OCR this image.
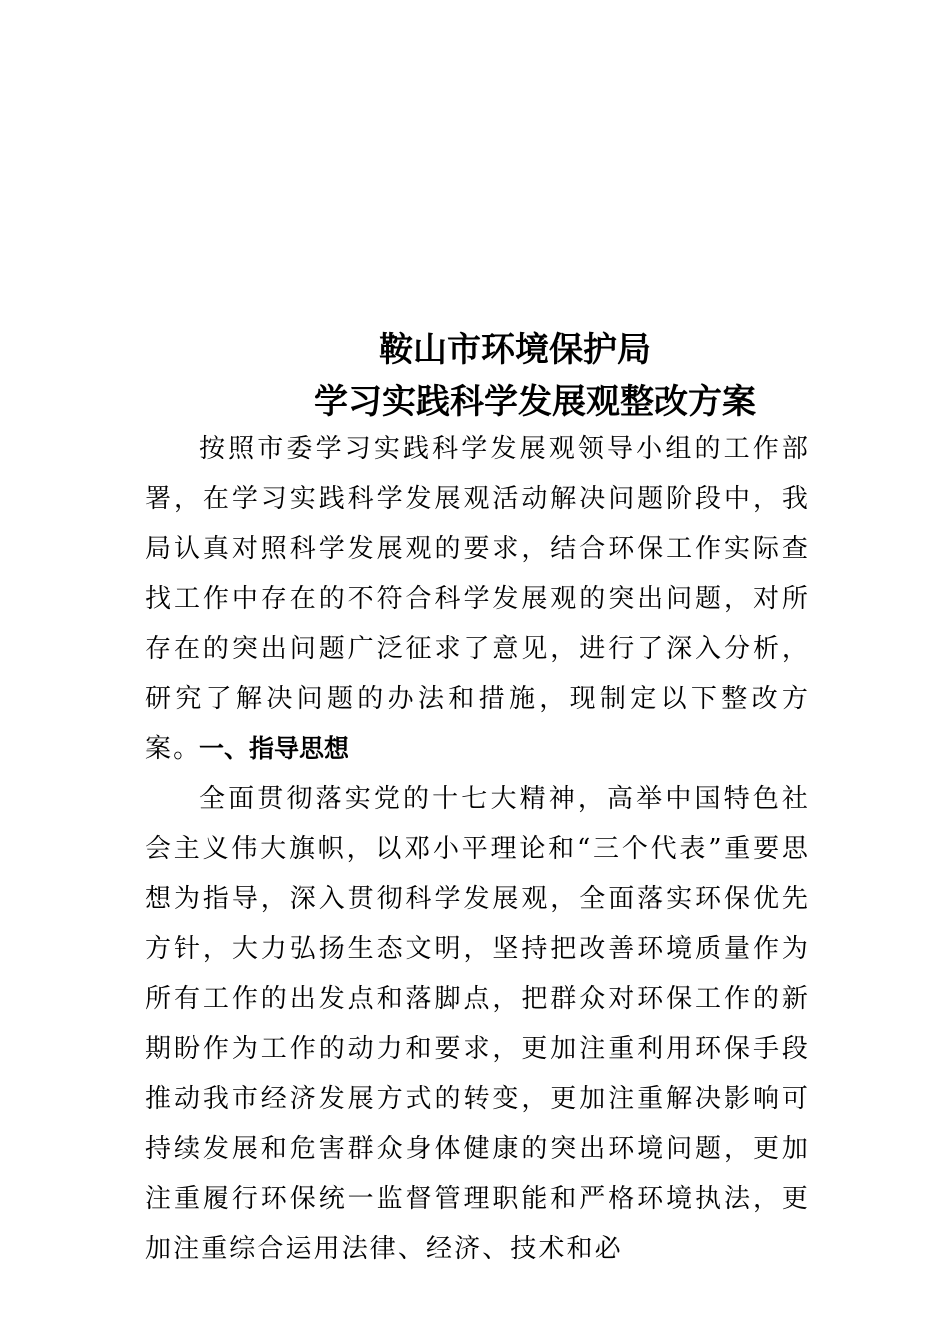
鞍山市环境保护局
学习实践科学发展观整改方案

按照市委学习实践科学发展观领导小组的工作部署，在学习实践科学发展观活动解决问题阶段中，我局认真对照科学发展观的要求，结合环保工作实际查找工作中存在的不符合科学发展观的突出问题，对所存在的突出问题广泛征求了意见，进行了深入分析，研究了解决问题的办法和措施，现制定以下整改方案。

一、指导思想

全面贯彻落实党的十七大精神，高举中国特色社会主义伟大旗帜，以邓小平理论和“三个代表”重要思想为指导，深入贯彻科学发展观，全面落实环保优先方针，大力弘扬生态文明，坚持把改善环境质量作为所有工作的出发点和落脚点，把群众对环保工作的新期盼作为工作的动力和要求，更加注重利用环保手段推动我市经济发展方式的转变，更加注重解决影响可持续发展和危害群众身体健康的突出环境问题，更加注重履行环保统一监督管理职能和严格环境执法，更加注重综合运用法律、经济、技术和必
